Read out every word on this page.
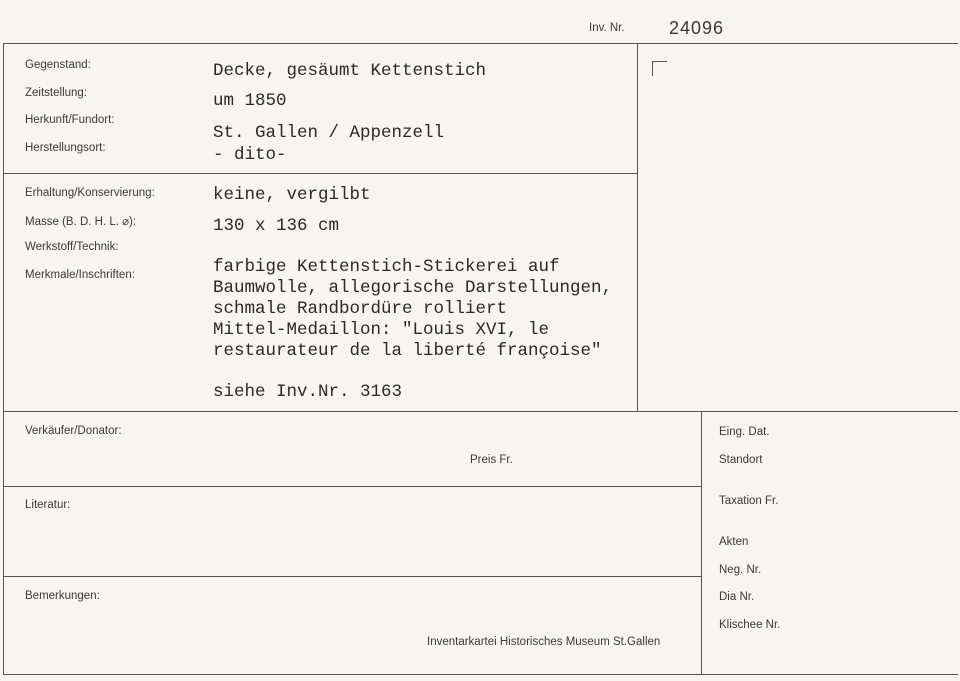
Inv. Nr. 24096
Gegenstand:
Zeitstellung:
Herkunft/Fundort:
Herstellungsort:
Decke, gesäumt Kettenstich
um 1850
St. Gallen / Appenzell
- dito-
Erhaltung/Konservierung:
Masse (B. D. H. L. ⌀):
Werkstoff/Technik:
Merkmale/Inschriften:
keine, vergilbt
130 x 136 cm
farbige Kettenstich-Stickerei auf
Baumwolle, allegorische Darstellungen,
schmale Randbordüre rolliert
Mittel-Medaillon: "Louis XVI, le
restaurateur de la liberté françoise"
siehe Inv.Nr. 3163
Verkäufer/Donator:
Preis Fr.
Literatur:
Bemerkungen:
Inventarkartei Historisches Museum St.Gallen
Eing. Dat.
Standort
Taxation Fr.
Akten
Neg. Nr.
Dia Nr.
Klischee Nr.
